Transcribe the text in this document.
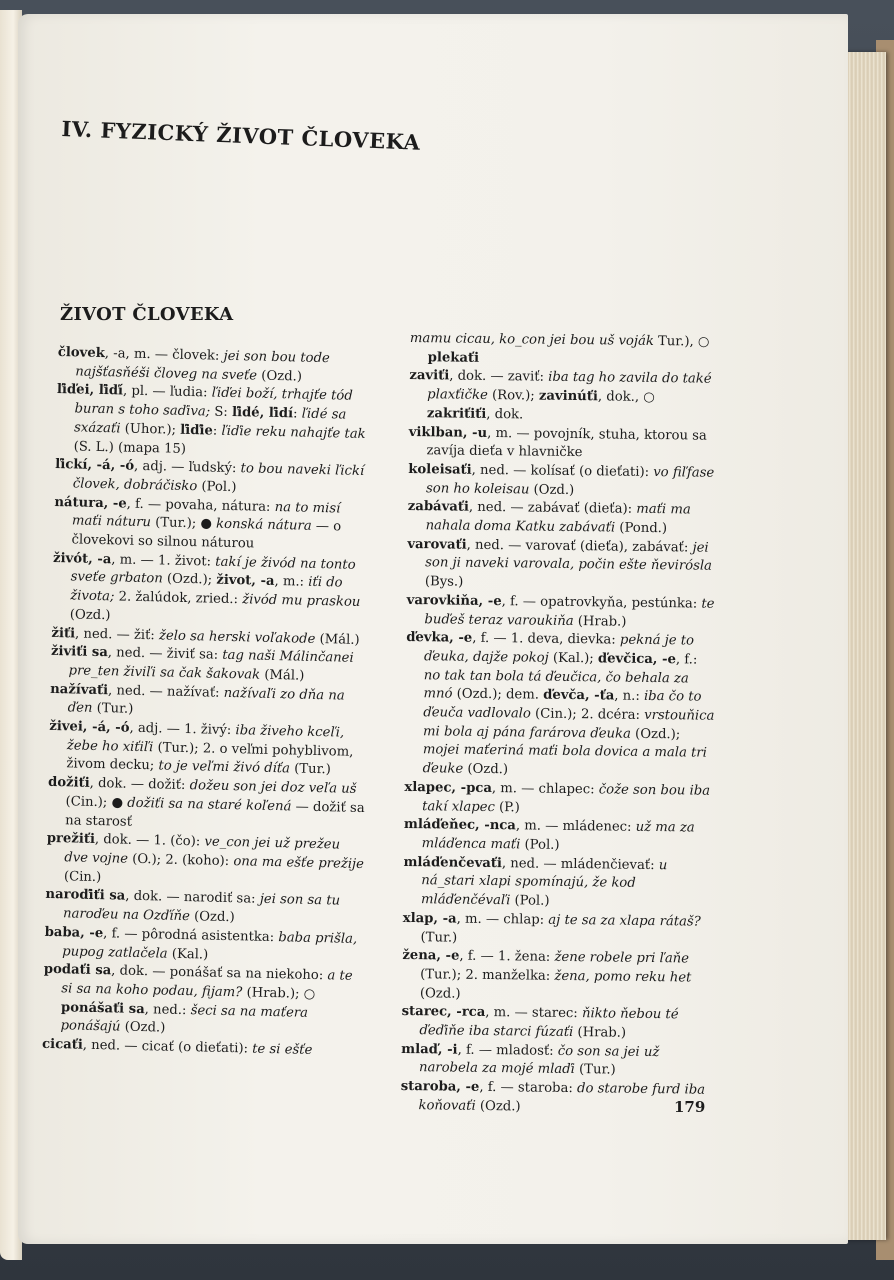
IV. FYZICKÝ ŽIVOT ČLOVEKA
ŽIVOT ČLOVEKA

človek, -a, m. — človek: jei son bou tode najšťasňéši človeg na sveťe (Ozd.)

ľiďei, ľiďí, pl. — ľudia: ľiďei boží, trhajťe tód buran s toho saďiva; S: ľidé, ľidí: ľidé sa sxázaťi (Uhor.); ľiďie: ľiďie reku nahajťe tak (S. L.) (mapa 15)

ľickí, -á, -ó, adj. — ľudský: to bou naveki ľickí človek, dobráčisko (Pol.)

nátura, -e, f. — povaha, nátura: na to misí maťi náturu (Tur.); ● konská nátura — o človekovi so silnou náturou

živót, -a, m. — 1. život: takí je živód na tonto sveťe grbaton (Ozd.); život, -a, m.: iťi do života; 2. žalúdok, zried.: živód mu praskou (Ozd.)

žiťi, ned. — žiť: želo sa herski voľakode (Mál.)

živiťi sa, ned. — živiť sa: tag naši Málinčanei pre_ten živiľi sa čak šakovak (Mál.)

nažívaťi, ned. — nažívať: nažívaľi zo dňa na ďen (Tur.)

živei, -á, -ó, adj. — 1. živý: iba živeho kceľi, žebe ho xiťiľi (Tur.); 2. o veľmi pohyblivom, živom decku; to je veľmi živó díťa (Tur.)

dožiťi, dok. — dožiť: dožeu son jei doz veľa uš (Cin.); ● dožiťi sa na staré koľená — dožiť sa na starosť

prežiťi, dok. — 1. (čo): ve_con jei už prežeu dve vojne (O.); 2. (koho): ona ma ešťe prežije (Cin.)

naroďiťi sa, dok. — narodiť sa: jei son sa tu naroďeu na Ozďíňe (Ozd.)

baba, -e, f. — pôrodná asistentka: baba prišla, pupog zatlačela (Kal.)

podaťi sa, dok. — ponášať sa na niekoho: a te si sa na koho podau, fijam? (Hrab.); ○ ponášaťi sa, ned.: šeci sa na maťera ponášajú (Ozd.)

cicaťi, ned. — cicať (o dieťati): te si ešťe

mamu cicau, ko_con jei bou uš voják Tur.), ○ plekaťi

zaviťi, dok. — zaviť: iba tag ho zavila do také plaxťičke (Rov.); zavinúťi, dok., ○ zakriťiťi, dok.

viklban, -u, m. — povojník, stuha, ktorou sa zavíja dieťa v hlavničke

koleisaťi, ned. — kolísať (o dieťati): vo fiľfase son ho koleisau (Ozd.)

zabávaťi, ned. — zabávať (dieťa): maťi ma nahala doma Katku zabávaťi (Pond.)

varovaťi, ned. — varovať (dieťa), zabávať: jei son ji naveki varovala, počin ešte ňevirósla (Bys.)

varovkiňa, -e, f. — opatrovkyňa, pestúnka: te buďeš teraz varoukiňa (Hrab.)

ďevka, -e, f. — 1. deva, dievka: pekná je to ďeuka, dajže pokoj (Kal.); ďevčica, -e, f.: no tak tan bola tá ďeučica, čo behala za mnó (Ozd.); dem. ďevča, -ťa, n.: iba čo to ďeuča vadlovalo (Cin.); 2. dcéra: vrstouňica mi bola aj pána farárova ďeuka (Ozd.); mojei maťeriná maťi bola dovica a mala tri ďeuke (Ozd.)

xlapec, -pca, m. — chlapec: čože son bou iba takí xlapec (P.)

mláďeňec, -nca, m. — mládenec: už ma za mláďenca maťi (Pol.)

mláďenčevaťi, ned. — mládenčievať: u ná_stari xlapi spomínajú, že kod mláďenčévaľi (Pol.)

xlap, -a, m. — chlap: aj te sa za xlapa rátaš? (Tur.)

žena, -e, f. — 1. žena: žene robele pri ľaňe (Tur.); 2. manželka: žena, pomo reku het (Ozd.)

starec, -rca, m. — starec: ňikto ňebou té ďeďiňe iba starci fúzaťi (Hrab.)

mlaď, -i, f. — mladosť: čo son sa jei už narobela za mojé mlaďi (Tur.)

staroba, -e, f. — staroba: do starobe furd iba koňovaťi (Ozd.)	179
